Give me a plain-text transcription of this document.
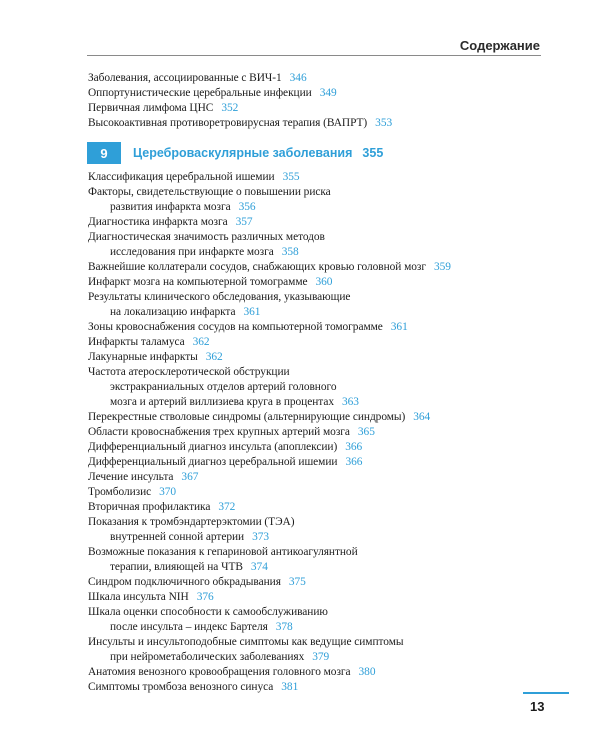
Содержание
Заболевания, ассоциированные с ВИЧ-1 346
Оппортунистические церебральные инфекции 349
Первичная лимфома ЦНС 352
Высокоактивная противоретровирусная терапия (ВАПРТ) 353
9	Цереброваскулярные заболевания 355
Классификация церебральной ишемии 355
Факторы, свидетельствующие о повышении риска
развития инфаркта мозга 356
Диагностика инфаркта мозга 357
Диагностическая значимость различных методов
исследования при инфаркте мозга 358
Важнейшие коллатерали сосудов, снабжающих кровью головной мозг 359
Инфаркт мозга на компьютерной томограмме 360
Результаты клинического обследования, указывающие
на локализацию инфаркта 361
Зоны кровоснабжения сосудов на компьютерной томограмме 361
Инфаркты таламуса 362
Лакунарные инфаркты 362
Частота атеросклеротической обструкции
экстракраниальных отделов артерий головного
мозга и артерий виллизиева круга в процентах 363
Перекрестные стволовые синдромы (альтернирующие синдромы) 364
Области кровоснабжения трех крупных артерий мозга 365
Дифференциальный диагноз инсульта (апоплексии) 366
Дифференциальный диагноз церебральной ишемии 366
Лечение инсульта 367
Тромболизис 370
Вторичная профилактика 372
Показания к тромбэндартерэктомии (ТЭА)
внутренней сонной артерии 373
Возможные показания к гепариновой антикоагулянтной
терапии, влияющей на ЧТВ 374
Синдром подключичного обкрадывания 375
Шкала инсульта NIH 376
Шкала оценки способности к самообслуживанию
после инсульта – индекс Бартеля 378
Инсульты и инсультоподобные симптомы как ведущие симптомы
при нейрометаболических заболеваниях 379
Анатомия венозного кровообращения головного мозга 380
Симптомы тромбоза венозного синуса 381
13
